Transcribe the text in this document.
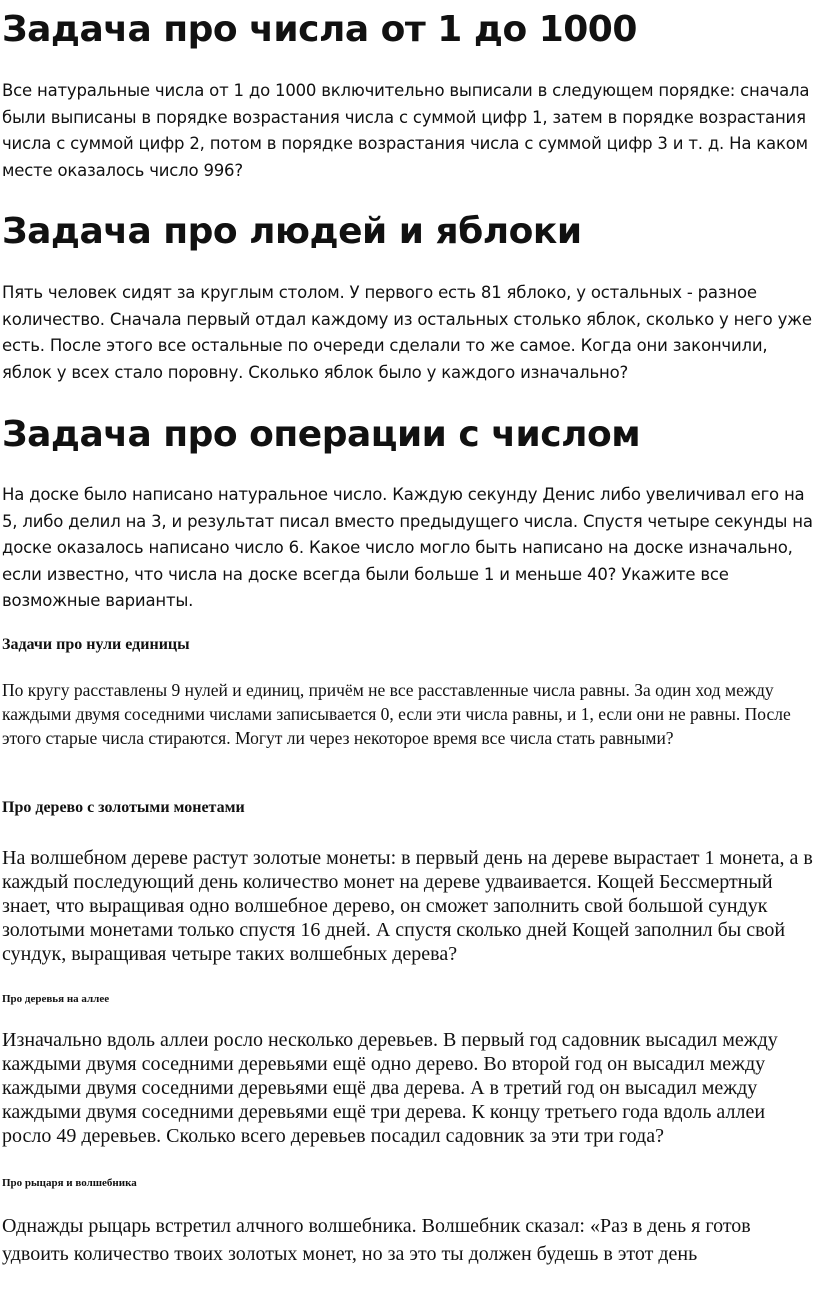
Задача про числа от 1 до 1000

Все натуральные числа от 1 до 1000 включительно выписали в следующем порядке: сначала были выписаны в порядке возрастания числа с суммой цифр 1, затем в порядке возрастания числа с суммой цифр 2, потом в порядке возрастания числа с суммой цифр 3 и т. д. На каком месте оказалось число 996?

Задача про людей и яблоки

Пять человек сидят за круглым столом. У первого есть 81 яблоко, у остальных - разное количество. Сначала первый отдал каждому из остальных столько яблок, сколько у него уже есть. После этого все остальные по очереди сделали то же самое. Когда они закончили, яблок у всех стало поровну. Сколько яблок было у каждого изначально?

Задача про операции с числом

На доске было написано натуральное число. Каждую секунду Денис либо увеличивал его на 5, либо делил на 3, и результат писал вместо предыдущего числа. Спустя четыре секунды на доске оказалось написано число 6. Какое число могло быть написано на доске изначально, если известно, что числа на доске всегда были больше 1 и меньше 40? Укажите все возможные варианты.

Задачи про нули единицы

По кругу расставлены 9 нулей и единиц, причём не все расставленные числа равны. За один ход между каждыми двумя соседними числами записывается 0, если эти числа равны, и 1, если они не равны. После этого старые числа стираются. Могут ли через некоторое время все числа стать равными?

Про дерево с золотыми монетами

На волшебном дереве растут золотые монеты: в первый день на дереве вырастает 1 монета, а в каждый последующий день количество монет на дереве удваивается. Кощей Бессмертный знает, что выращивая одно волшебное дерево, он сможет заполнить свой большой сундук золотыми монетами только спустя 16 дней. А спустя сколько дней Кощей заполнил бы свой сундук, выращивая четыре таких волшебных дерева?

Про деревья на аллее

Изначально вдоль аллеи росло несколько деревьев. В первый год садовник высадил между каждыми двумя соседними деревьями ещё одно дерево. Во второй год он высадил между каждыми двумя соседними деревьями ещё два дерева. А в третий год он высадил между каждыми двумя соседними деревьями ещё три дерева. К концу третьего года вдоль аллеи росло 49 деревьев. Сколько всего деревьев посадил садовник за эти три года?

Про рыцаря и волшебника

Однажды рыцарь встретил алчного волшебника. Волшебник сказал: «Раз в день я готов удвоить количество твоих золотых монет, но за это ты должен будешь в этот день
